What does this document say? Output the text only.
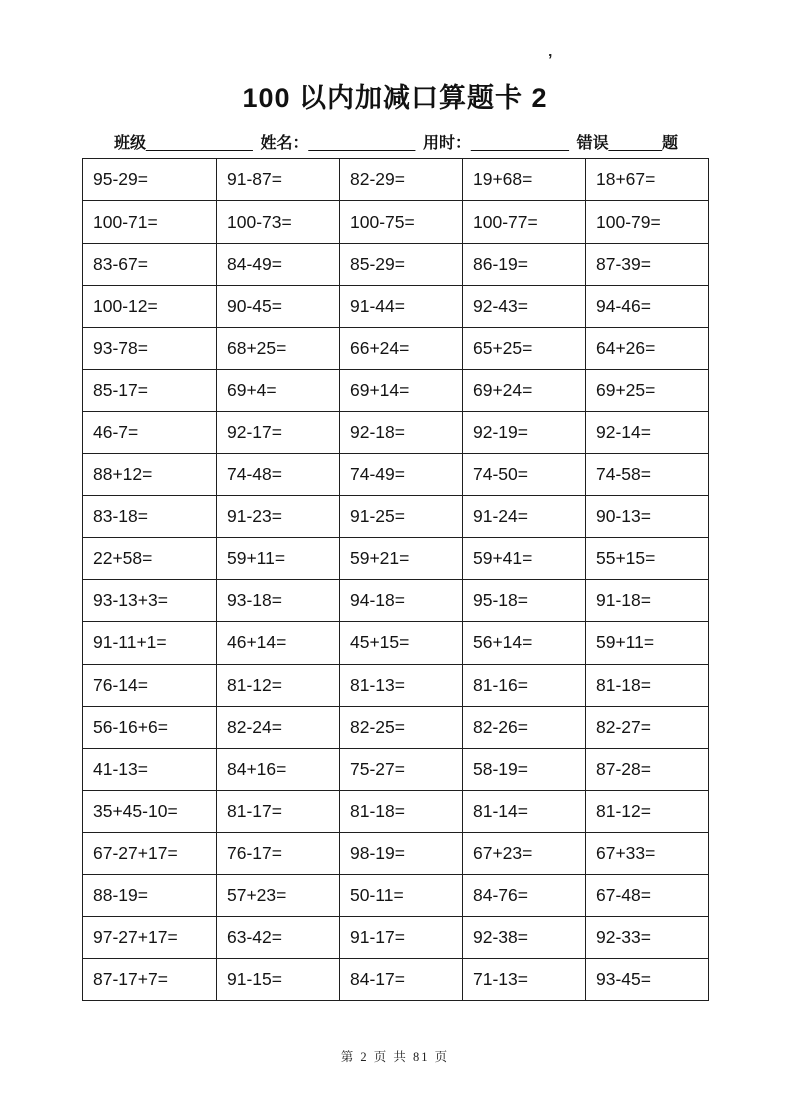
’
100 以内加减口算题卡 2
班级 ____________ 姓名： ____________ 用时： ___________ 错误 ______ 题
95-29=	91-87=	82-29=	19+68=	18+67=
100-71=	100-73=	100-75=	100-77=	100-79=
83-67=	84-49=	85-29=	86-19=	87-39=
100-12=	90-45=	91-44=	92-43=	94-46=
93-78=	68+25=	66+24=	65+25=	64+26=
85-17=	69+4=	69+14=	69+24=	69+25=
46-7=	92-17=	92-18=	92-19=	92-14=
88+12=	74-48=	74-49=	74-50=	74-58=
83-18=	91-23=	91-25=	91-24=	90-13=
22+58=	59+11=	59+21=	59+41=	55+15=
93-13+3=	93-18=	94-18=	95-18=	91-18=
91-11+1=	46+14=	45+15=	56+14=	59+11=
76-14=	81-12=	81-13=	81-16=	81-18=
56-16+6=	82-24=	82-25=	82-26=	82-27=
41-13=	84+16=	75-27=	58-19=	87-28=
35+45-10=	81-17=	81-18=	81-14=	81-12=
67-27+17=	76-17=	98-19=	67+23=	67+33=
88-19=	57+23=	50-11=	84-76=	67-48=
97-27+17=	63-42=	91-17=	92-38=	92-33=
87-17+7=	91-15=	84-17=	71-13=	93-45=
第 2 页 共 81 页
